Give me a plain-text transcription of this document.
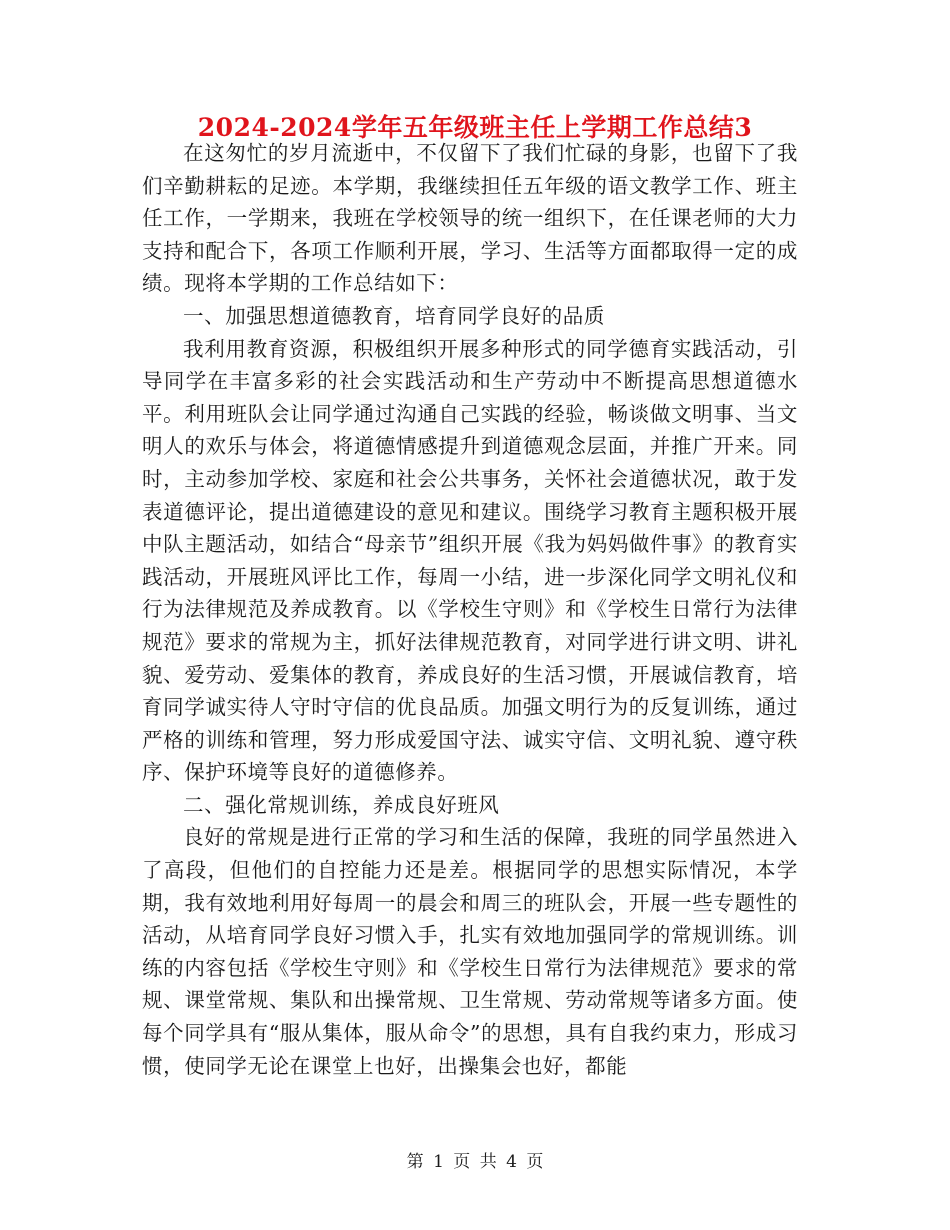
2024-2024学年五年级班主任上学期工作总结3

在这匆忙的岁月流逝中，不仅留下了我们忙碌的身影，也留下了我们辛勤耕耘的足迹。本学期，我继续担任五年级的语文教学工作、班主任工作，一学期来，我班在学校领导的统一组织下，在任课老师的大力支持和配合下，各项工作顺利开展，学习、生活等方面都取得一定的成绩。现将本学期的工作总结如下：

一、加强思想道德教育，培育同学良好的品质

我利用教育资源，积极组织开展多种形式的同学德育实践活动，引导同学在丰富多彩的社会实践活动和生产劳动中不断提高思想道德水平。利用班队会让同学通过沟通自己实践的经验，畅谈做文明事、当文明人的欢乐与体会，将道德情感提升到道德观念层面，并推广开来。同时，主动参加学校、家庭和社会公共事务，关怀社会道德状况，敢于发表道德评论，提出道德建设的意见和建议。围绕学习教育主题积极开展中队主题活动，如结合“母亲节”组织开展《我为妈妈做件事》的教育实践活动，开展班风评比工作，每周一小结，进一步深化同学文明礼仪和行为法律规范及养成教育。以《学校生守则》和《学校生日常行为法律规范》要求的常规为主，抓好法律规范教育，对同学进行讲文明、讲礼貌、爱劳动、爱集体的教育，养成良好的生活习惯，开展诚信教育，培育同学诚实待人守时守信的优良品质。加强文明行为的反复训练，通过严格的训练和管理，努力形成爱国守法、诚实守信、文明礼貌、遵守秩序、保护环境等良好的道德修养。

二、强化常规训练，养成良好班风

良好的常规是进行正常的学习和生活的保障，我班的同学虽然进入了高段，但他们的自控能力还是差。根据同学的思想实际情况，本学期，我有效地利用好每周一的晨会和周三的班队会，开展一些专题性的活动，从培育同学良好习惯入手，扎实有效地加强同学的常规训练。训练的内容包括《学校生守则》和《学校生日常行为法律规范》要求的常规、课堂常规、集队和出操常规、卫生常规、劳动常规等诸多方面。使每个同学具有“服从集体，服从命令”的思想，具有自我约束力，形成习惯，使同学无论在课堂上也好，出操集会也好，都能

第 1 页 共 4 页
